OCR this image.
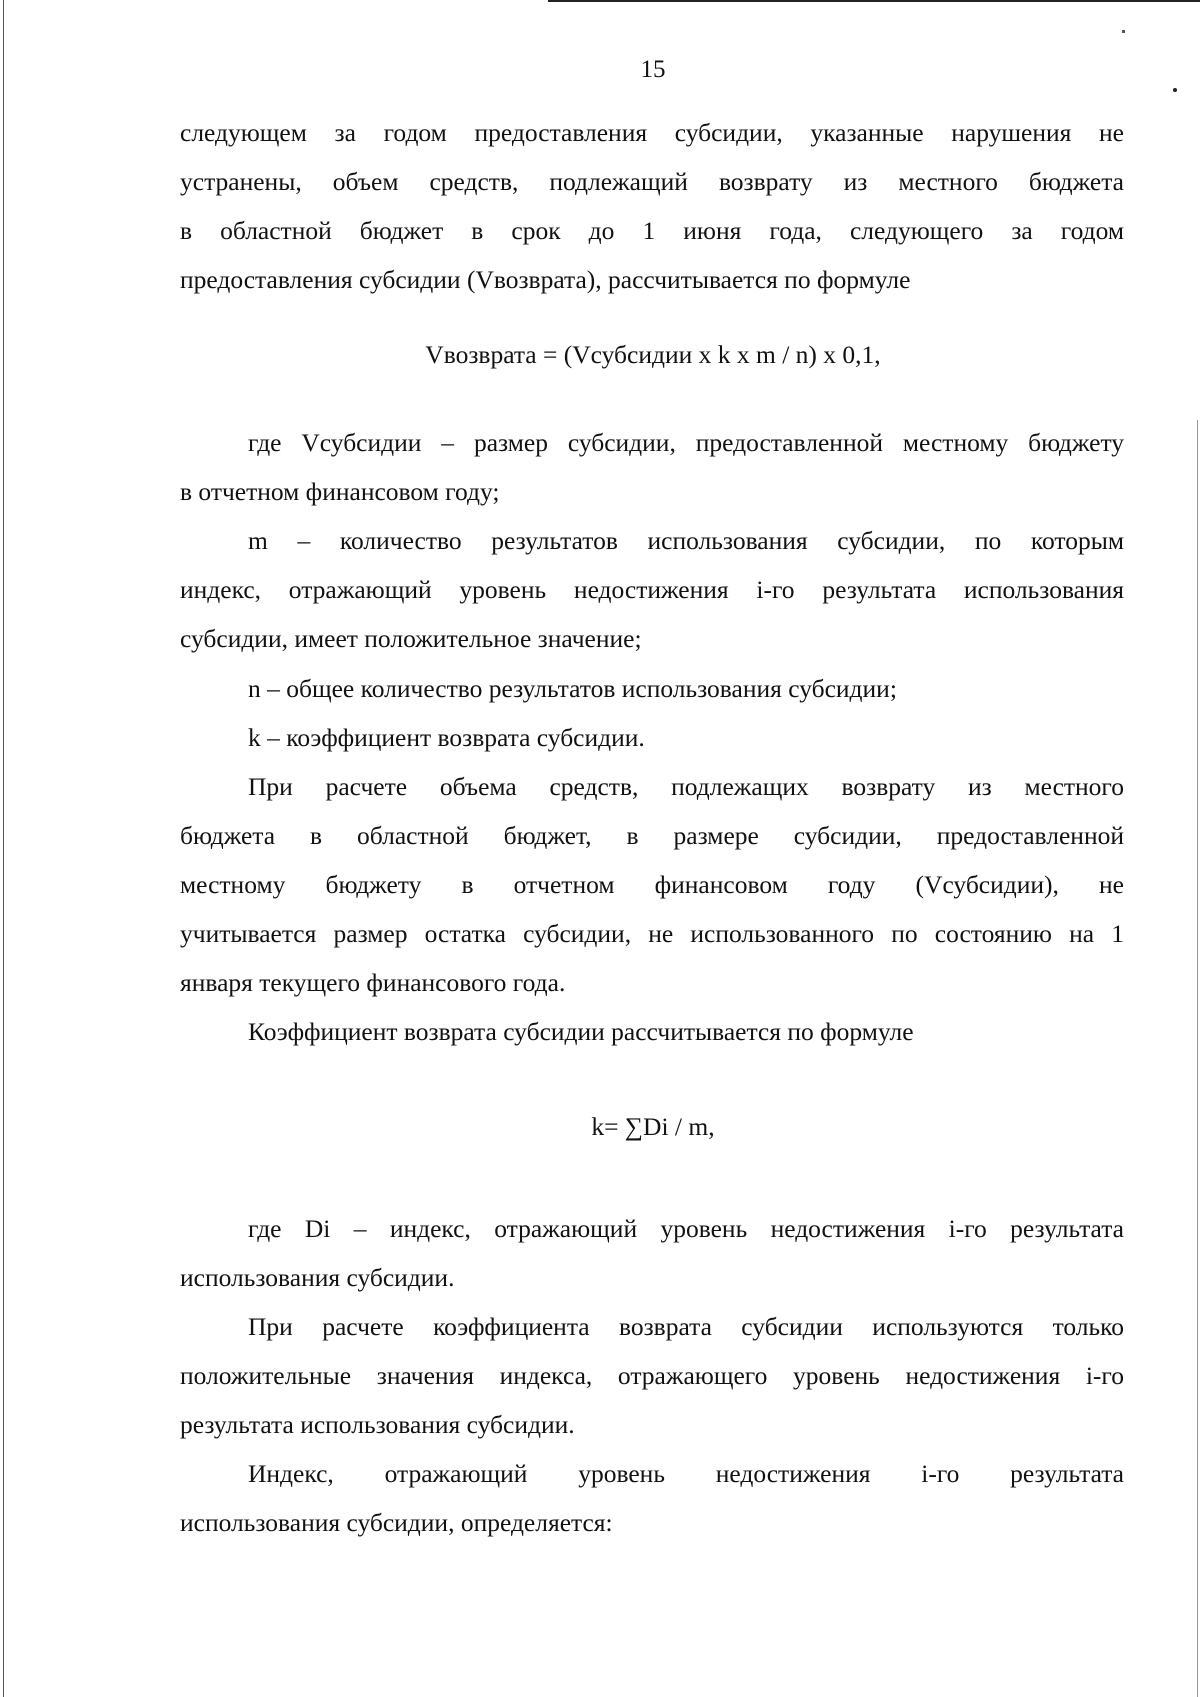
15
следующем за годом предоставления субсидии, указанные нарушения не
устранены, объем средств, подлежащий возврату из местного бюджета
в областной бюджет в срок до 1 июня года, следующего за годом
предоставления субсидии (Vвозврата), рассчитывается по формуле
Vвозврата = (Vсубсидии x k x m / n) x 0,1,
где Vсубсидии – размер субсидии, предоставленной местному бюджету
в отчетном финансовом году;
m – количество результатов использования субсидии, по которым
индекс, отражающий уровень недостижения i-го результата использования
субсидии, имеет положительное значение;
n – общее количество результатов использования субсидии;
k – коэффициент возврата субсидии.
При расчете объема средств, подлежащих возврату из местного
бюджета в областной бюджет, в размере субсидии, предоставленной
местному бюджету в отчетном финансовом году (Vсубсидии), не
учитывается размер остатка субсидии, не использованного по состоянию на 1
января текущего финансового года.
Коэффициент возврата субсидии рассчитывается по формуле
k= ∑Di / m,
где Di – индекс, отражающий уровень недостижения i-го результата
использования субсидии.
При расчете коэффициента возврата субсидии используются только
положительные значения индекса, отражающего уровень недостижения i-го
результата использования субсидии.
Индекс, отражающий уровень недостижения i-го результата
использования субсидии, определяется:
